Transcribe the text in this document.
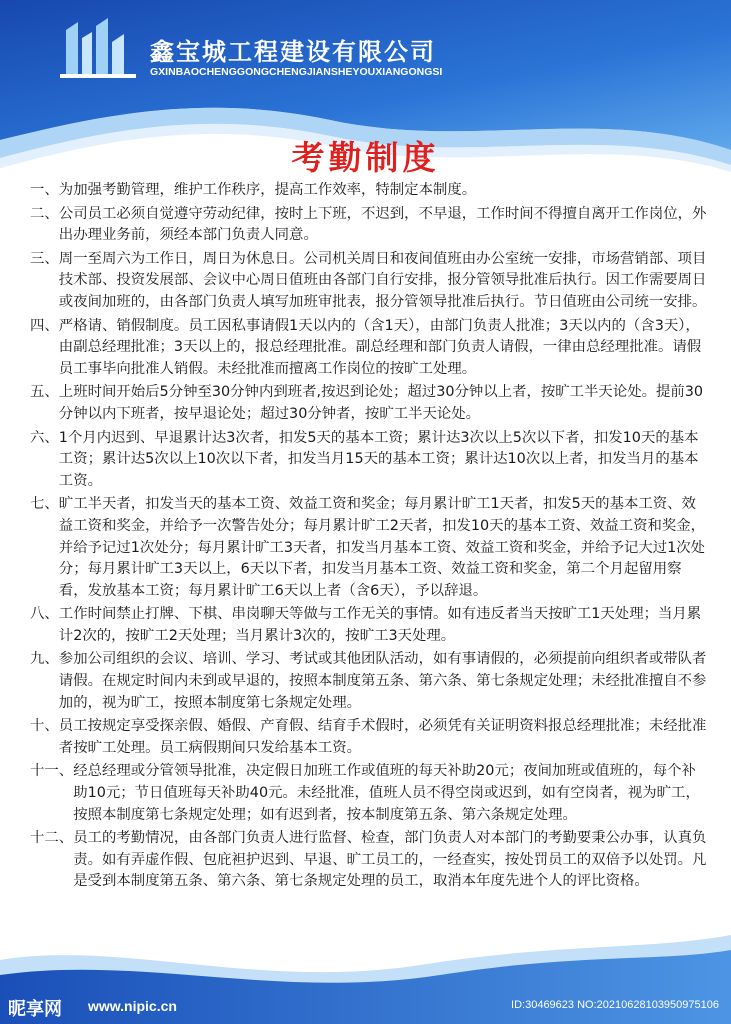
鑫宝城工程建设有限公司
GXINBAOCHENGGONGCHENGJIANSHEYOUXIANGONGSI
考勤制度
一、 为加强考勤管理，维护工作秩序，提高工作效率，特制定本制度。
二、 公司员工必须自觉遵守劳动纪律，按时上下班，不迟到，不早退，工作时间不得擅自离开工作岗位，外出办理业务前，须经本部门负责人同意。
三、 周一至周六为工作日，周日为休息日。公司机关周日和夜间值班由办公室统一安排，市场营销部、项目技术部、投资发展部、会议中心周日值班由各部门自行安排，报分管领导批准后执行。因工作需要周日或夜间加班的，由各部门负责人填写加班审批表，报分管领导批准后执行。节日值班由公司统一安排。
四、 严格请、销假制度。员工因私事请假1天以内的（含1天），由部门负责人批准；3天以内的（含3天），由副总经理批准；3天以上的，报总经理批准。副总经理和部门负责人请假，一律由总经理批准。请假员工事毕向批准人销假。未经批准而擅离工作岗位的按旷工处理。
五、 上班时间开始后5分钟至30分钟内到班者,按迟到论处；超过30分钟以上者，按旷工半天论处。提前30分钟以内下班者，按早退论处；超过30分钟者，按旷工半天论处。
六、 1个月内迟到、早退累计达3次者，扣发5天的基本工资；累计达3次以上5次以下者，扣发10天的基本工资；累计达5次以上10次以下者，扣发当月15天的基本工资；累计达10次以上者，扣发当月的基本工资。
七、 旷工半天者，扣发当天的基本工资、效益工资和奖金；每月累计旷工1天者，扣发5天的基本工资、效益工资和奖金，并给予一次警告处分；每月累计旷工2天者，扣发10天的基本工资、效益工资和奖金，并给予记过1次处分；每月累计旷工3天者，扣发当月基本工资、效益工资和奖金，并给予记大过1次处分；每月累计旷工3天以上，6天以下者，扣发当月基本工资、效益工资和奖金，第二个月起留用察看，发放基本工资；每月累计旷工6天以上者（含6天），予以辞退。
八、 工作时间禁止打牌、下棋、串岗聊天等做与工作无关的事情。如有违反者当天按旷工1天处理；当月累计2次的，按旷工2天处理；当月累计3次的，按旷工3天处理。
九、 参加公司组织的会议、培训、学习、考试或其他团队活动，如有事请假的，必须提前向组织者或带队者请假。在规定时间内未到或早退的，按照本制度第五条、第六条、第七条规定处理；未经批准擅自不参加的，视为旷工，按照本制度第七条规定处理。
十、 员工按规定享受探亲假、婚假、产育假、结育手术假时，必须凭有关证明资料报总经理批准；未经批准者按旷工处理。员工病假期间只发给基本工资。
十一、 经总经理或分管领导批准，决定假日加班工作或值班的每天补助20元；夜间加班或值班的，每个补助10元；节日值班每天补助40元。未经批准，值班人员不得空岗或迟到，如有空岗者，视为旷工，按照本制度第七条规定处理；如有迟到者，按本制度第五条、第六条规定处理。
十二、 员工的考勤情况，由各部门负责人进行监督、检查，部门负责人对本部门的考勤要秉公办事，认真负责。如有弄虚作假、包庇袒护迟到、早退、旷工员工的，一经查实，按处罚员工的双倍予以处罚。凡是受到本制度第五条、第六条、第七条规定处理的员工，取消本年度先进个人的评比资格。
昵享网 www.nipic.cn	ID:30469623 NO:20210628103950975106
